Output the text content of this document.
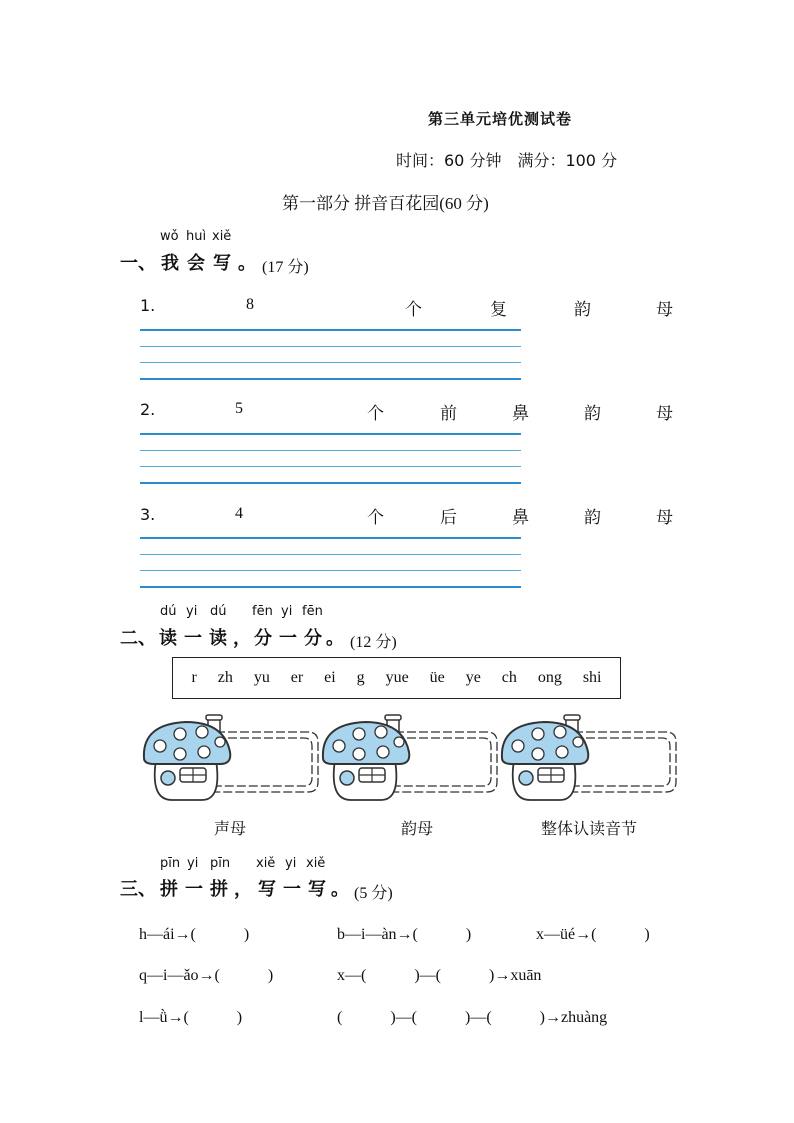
第三单元培优测试卷
时间：60 分钟　满分：100 分
第一部分 拼音百花园(60 分)
wǒ huì xiě
一、 我 会 写 。 (17 分)
1.	8	个	复	韵	母
2.	5	个	前	鼻	韵	母
3.	4	个	后	鼻	韵	母
dú yi dú fēn yi fēn
二、 读 一 读 ， 分 一 分 。 (12 分)
r zh yu er ei g yue üe ye ch ong shi
声母	韵母	整体认读音节
pīn yi pīn xiě yi xiě
三、 拼 一 拼 ， 写 一 写 。 (5 分)
h—ái→(　　　)	b—i—àn→(　　　)	x—üé→(　　　)
q—i—ǎo→(　　　)	x—(　　　)—(　　　)→xuān
l—ǜ→(　　　)	(　　　)—(　　　)—(　　　)→zhuàng
